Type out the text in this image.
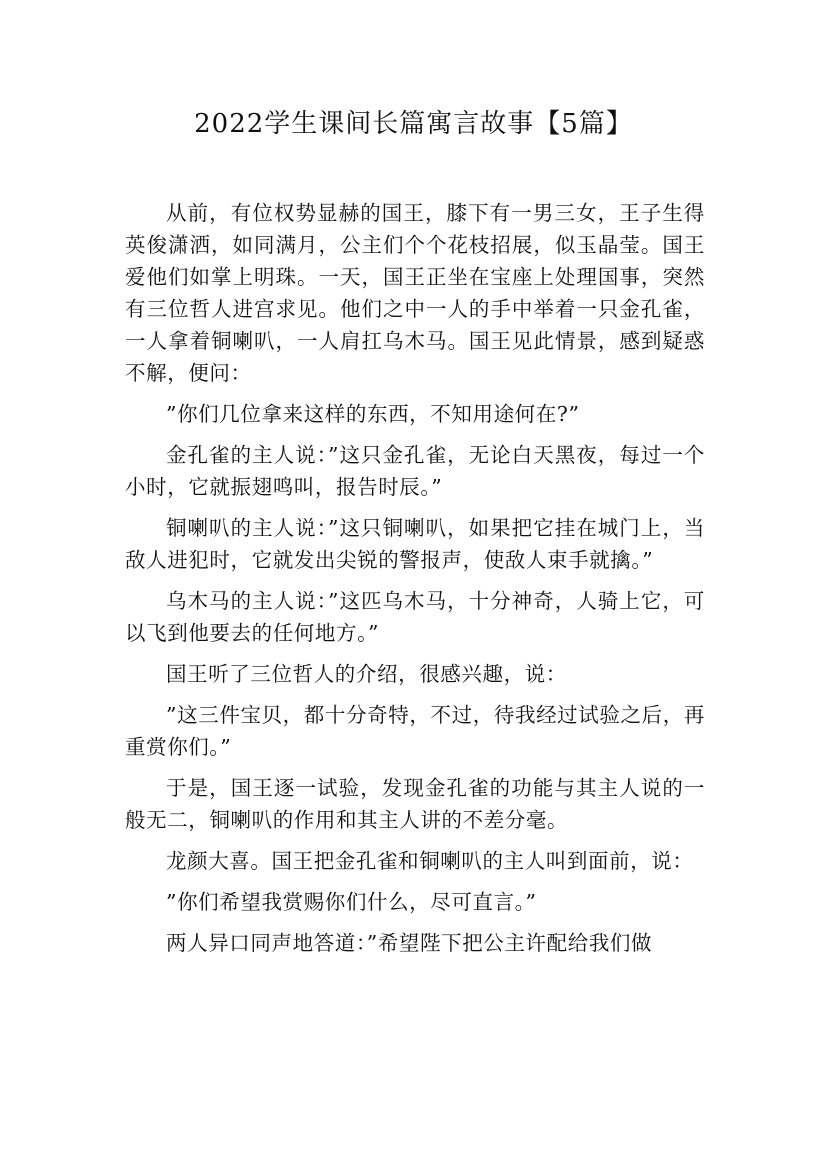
2022学生课间长篇寓言故事【5篇】

从前，有位权势显赫的国王，膝下有一男三女，王子生得英俊潇洒，如同满月，公主们个个花枝招展，似玉晶莹。国王爱他们如掌上明珠。一天，国王正坐在宝座上处理国事，突然有三位哲人进宫求见。他们之中一人的手中举着一只金孔雀，一人拿着铜喇叭，一人肩扛乌木马。国王见此情景，感到疑惑不解，便问：

”你们几位拿来这样的东西，不知用途何在?”

金孔雀的主人说：”这只金孔雀，无论白天黑夜，每过一个小时，它就振翅鸣叫，报告时辰。”

铜喇叭的主人说：”这只铜喇叭，如果把它挂在城门上，当敌人进犯时，它就发出尖锐的警报声，使敌人束手就擒。”

乌木马的主人说：”这匹乌木马，十分神奇，人骑上它，可以飞到他要去的任何地方。”

国王听了三位哲人的介绍，很感兴趣，说：

”这三件宝贝，都十分奇特，不过，待我经过试验之后，再重赏你们。”

于是，国王逐一试验，发现金孔雀的功能与其主人说的一般无二，铜喇叭的作用和其主人讲的不差分毫。

龙颜大喜。国王把金孔雀和铜喇叭的主人叫到面前，说：

”你们希望我赏赐你们什么，尽可直言。”

两人异口同声地答道：”希望陛下把公主许配给我们做
